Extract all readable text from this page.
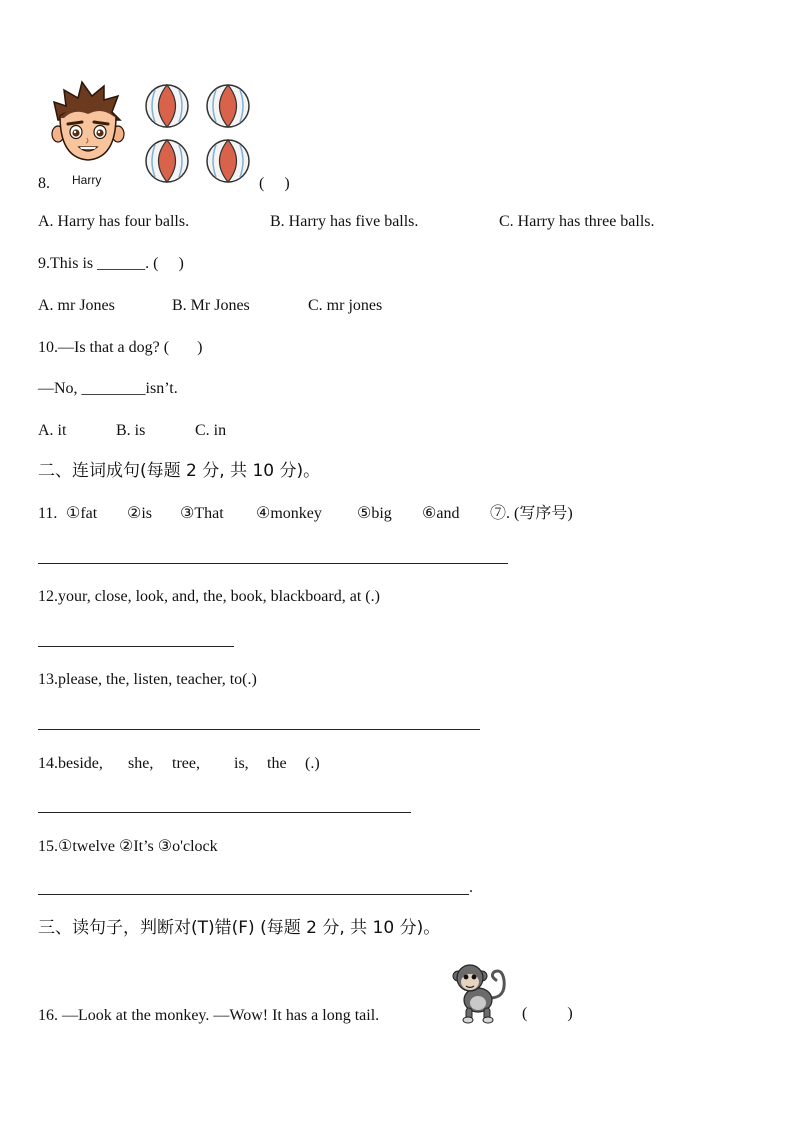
Harry
8.	(     )
A. Harry has four balls.	B. Harry has five balls.	C. Harry has three balls.
9.This is ______. (     )
A. mr Jones	B. Mr Jones	C. mr jones
10.—Is that a dog? (       )
—No, ________isn’t.
A. it	B. is	C. in
二、连词成句(每题 2 分, 共 10 分)。
11. ①fat ②is ③That ④monkey ⑤big ⑥and ⑦. (写序号)
12.your, close, look, and, the, book, blackboard, at (.)
13.please, the, listen, teacher, to(.)
14.beside, she, tree, is, the (.)
15.①twelve ②It’s ③o'clock
.
三、读句子，判断对(T)错(F) (每题 2 分, 共 10 分)。
16. —Look at the monkey. —Wow! It has a long tail.	(          )
